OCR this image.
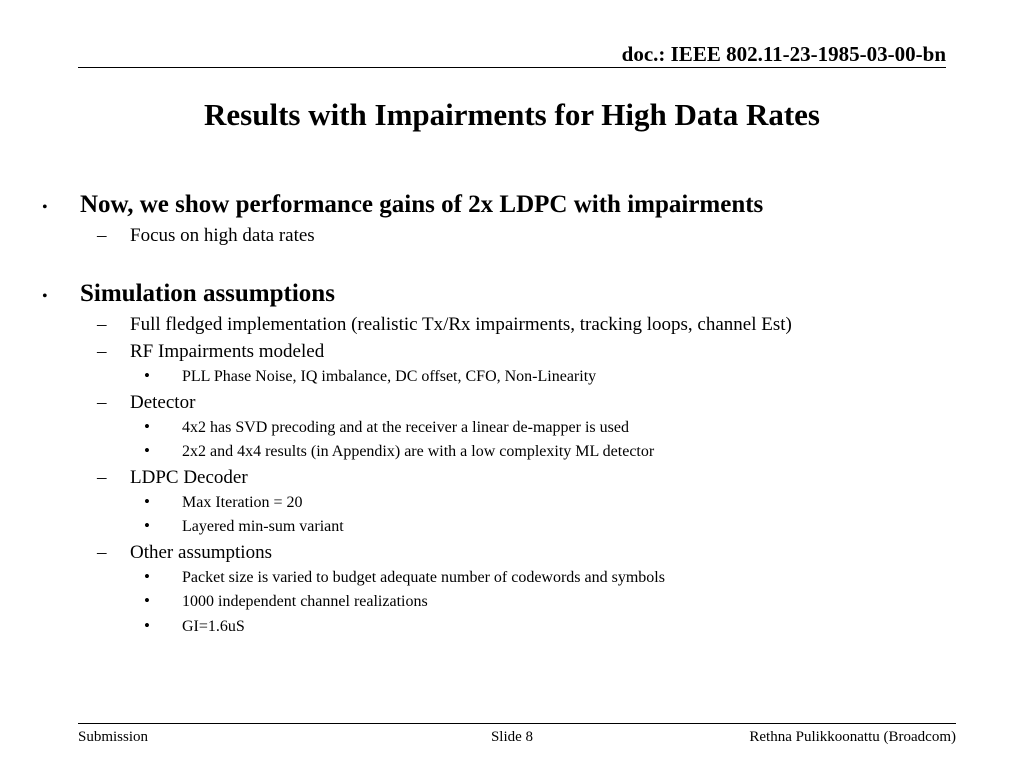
doc.: IEEE 802.11-23-1985-03-00-bn
Results with Impairments for High Data Rates
• Now, we show performance gains of 2x LDPC with impairments
– Focus on high data rates
• Simulation assumptions
– Full fledged implementation (realistic Tx/Rx impairments, tracking loops, channel Est)
– RF Impairments modeled
• PLL Phase Noise, IQ imbalance, DC offset, CFO, Non-Linearity
– Detector
• 4x2 has SVD precoding and at the receiver a linear de-mapper is used
• 2x2 and 4x4 results (in Appendix) are with a low complexity ML detector
– LDPC Decoder
• Max Iteration = 20
• Layered min-sum variant
– Other assumptions
• Packet size is varied to budget adequate number of codewords and symbols
• 1000 independent channel realizations
• GI=1.6uS
Submission	Slide 8	Rethna Pulikkoonattu (Broadcom)
